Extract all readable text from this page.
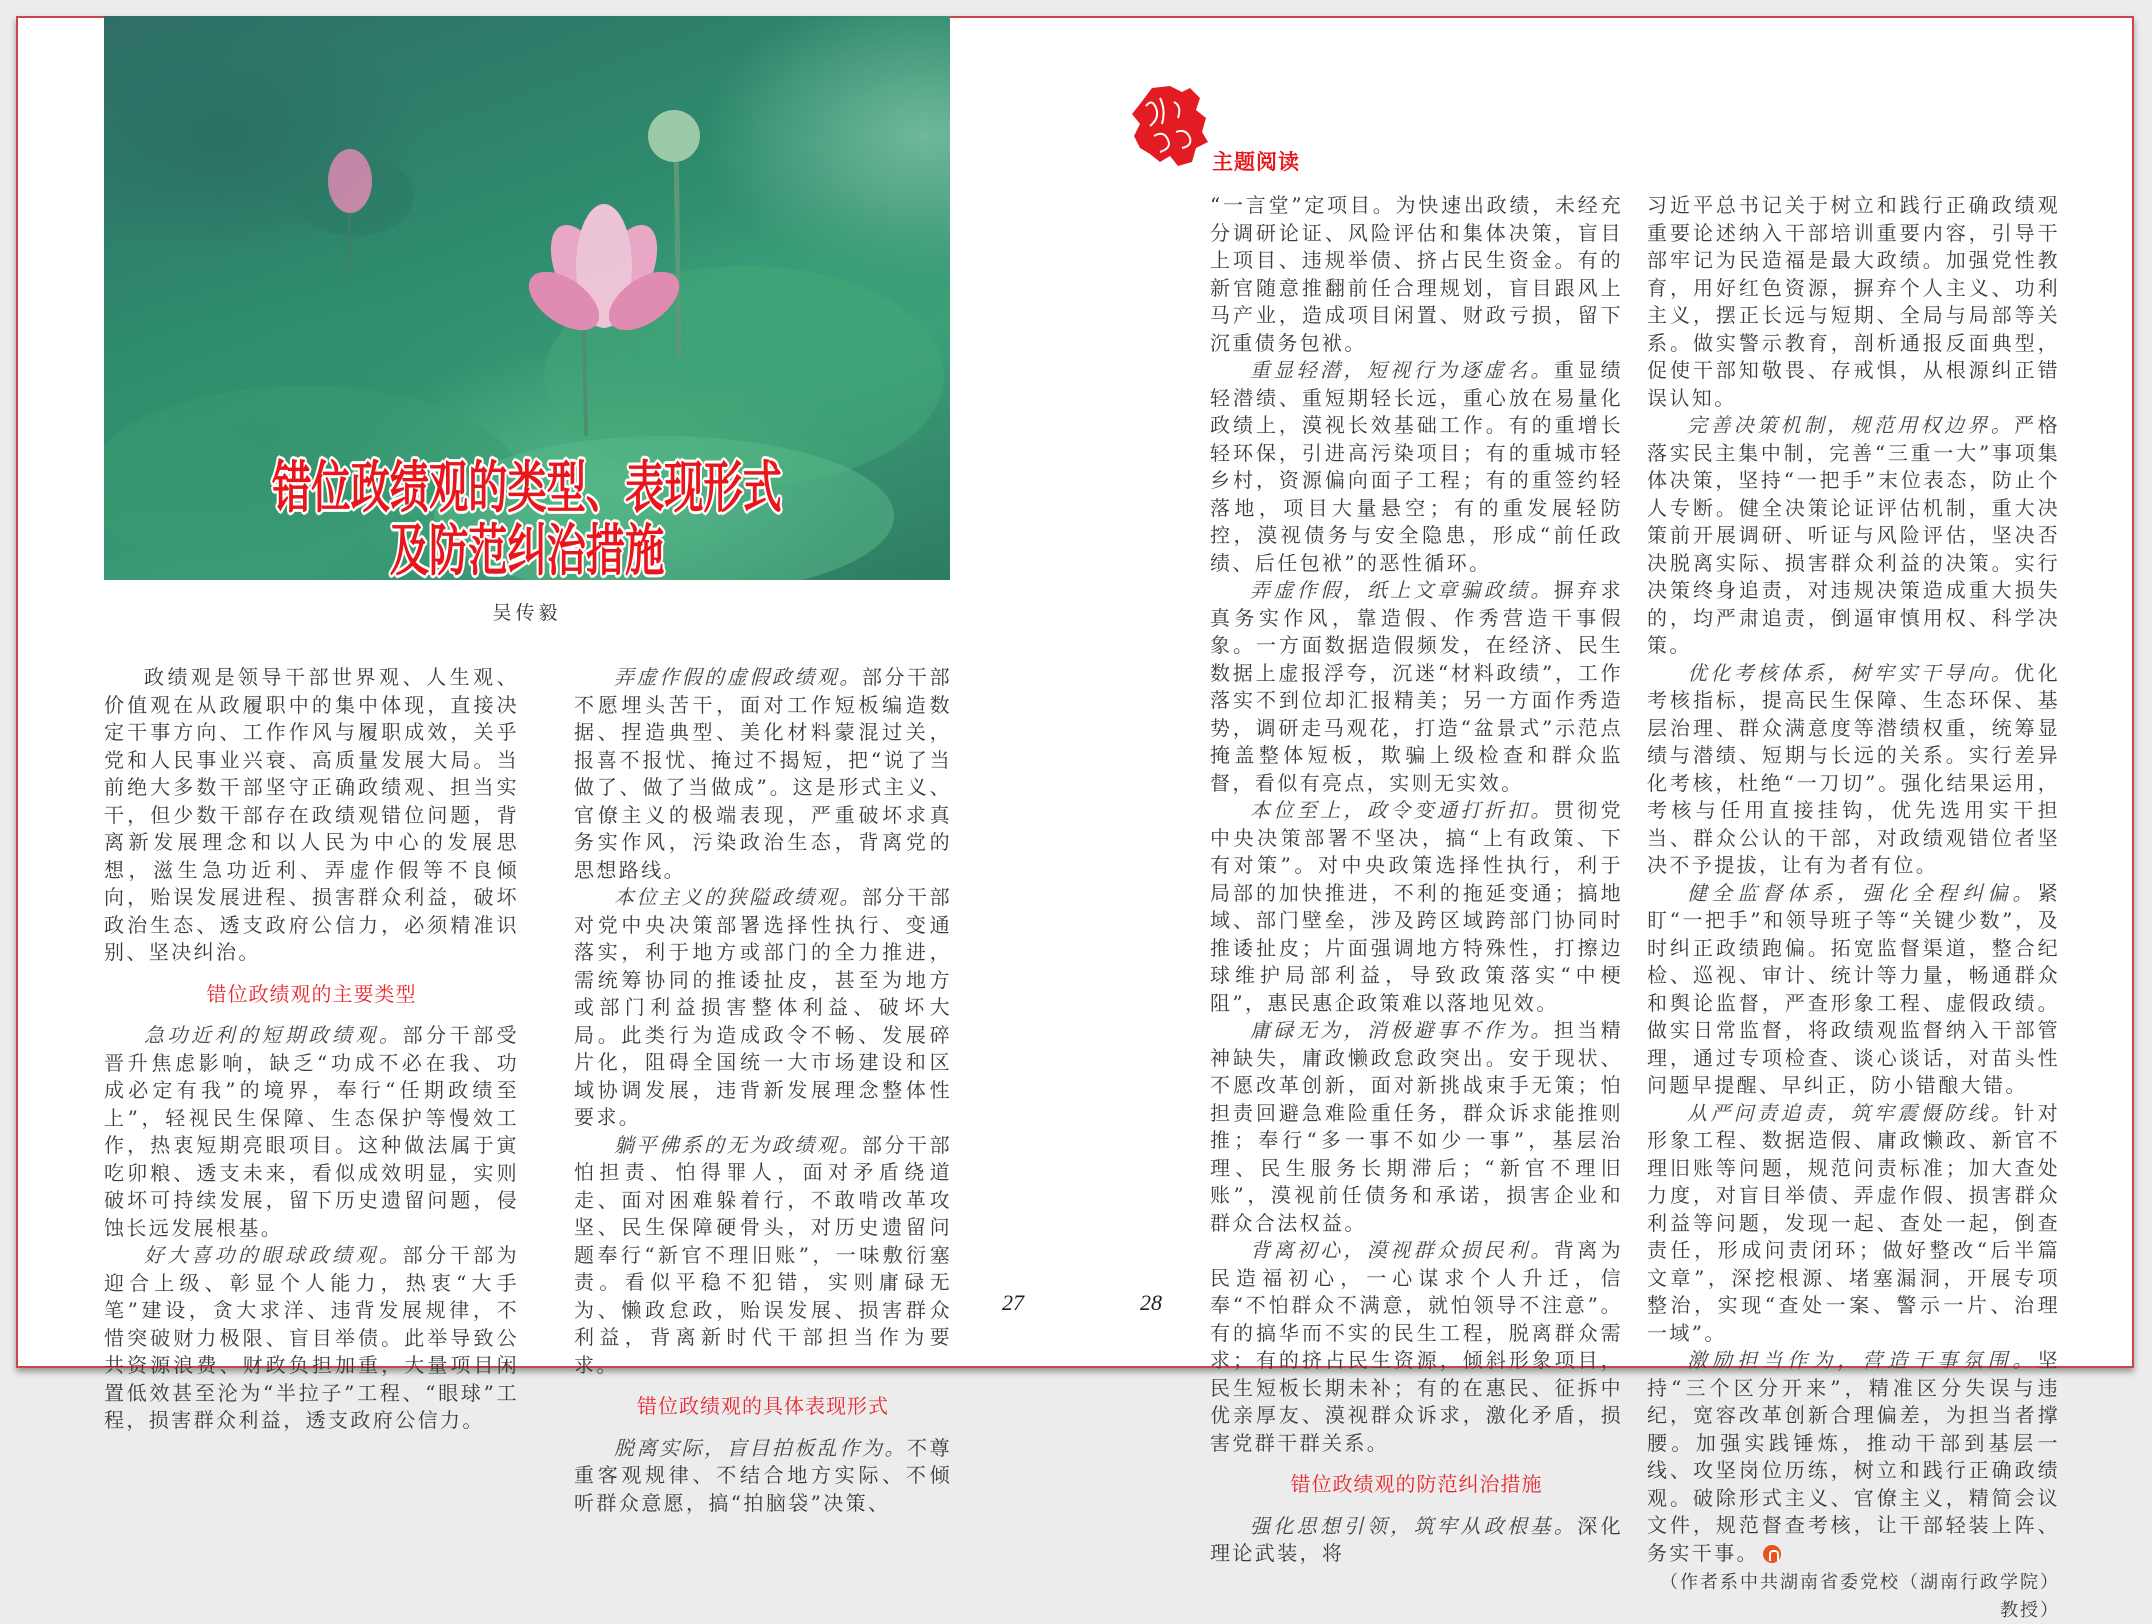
错位政绩观的类型、表现形式
及防范纠治措施
吴传毅
主题阅读

政绩观是领导干部世界观、人生观、价值观在从政履职中的集中体现，直接决定干事方向、工作作风与履职成效，关乎党和人民事业兴衰、高质量发展大局。当前绝大多数干部坚守正确政绩观、担当实干，但少数干部存在政绩观错位问题，背离新发展理念和以人民为中心的发展思想，滋生急功近利、弄虚作假等不良倾向，贻误发展进程、损害群众利益，破坏政治生态、透支政府公信力，必须精准识别、坚决纠治。

错位政绩观的主要类型

急功近利的短期政绩观。部分干部受晋升焦虑影响，缺乏“功成不必在我、功成必定有我”的境界，奉行“任期政绩至上”，轻视民生保障、生态保护等慢效工作，热衷短期亮眼项目。这种做法属于寅吃卯粮、透支未来，看似成效明显，实则破坏可持续发展，留下历史遗留问题，侵蚀长远发展根基。

好大喜功的眼球政绩观。部分干部为迎合上级、彰显个人能力，热衷“大手笔”建设，贪大求洋、违背发展规律，不惜突破财力极限、盲目举债。此举导致公共资源浪费、财政负担加重，大量项目闲置低效甚至沦为“半拉子”工程、“眼球”工程，损害群众利益，透支政府公信力。

弄虚作假的虚假政绩观。部分干部不愿埋头苦干，面对工作短板编造数据、捏造典型、美化材料蒙混过关，报喜不报忧、掩过不揭短，把“说了当做了、做了当做成”。这是形式主义、官僚主义的极端表现，严重破坏求真务实作风，污染政治生态，背离党的思想路线。

本位主义的狭隘政绩观。部分干部对党中央决策部署选择性执行、变通落实，利于地方或部门的全力推进，需统筹协同的推诿扯皮，甚至为地方或部门利益损害整体利益、破坏大局。此类行为造成政令不畅、发展碎片化，阻碍全国统一大市场建设和区域协调发展，违背新发展理念整体性要求。

躺平佛系的无为政绩观。部分干部怕担责、怕得罪人，面对矛盾绕道走、面对困难躲着行，不敢啃改革攻坚、民生保障硬骨头，对历史遗留问题奉行“新官不理旧账”，一味敷衍塞责。看似平稳不犯错，实则庸碌无为、懒政怠政，贻误发展、损害群众利益，背离新时代干部担当作为要求。

错位政绩观的具体表现形式

脱离实际，盲目拍板乱作为。不尊重客观规律、不结合地方实际、不倾听群众意愿，搞“拍脑袋”决策、

“一言堂”定项目。为快速出政绩，未经充分调研论证、风险评估和集体决策，盲目上项目、违规举债、挤占民生资金。有的新官随意推翻前任合理规划，盲目跟风上马产业，造成项目闲置、财政亏损，留下沉重债务包袱。

重显轻潜，短视行为逐虚名。重显绩轻潜绩、重短期轻长远，重心放在易量化政绩上，漠视长效基础工作。有的重增长轻环保，引进高污染项目；有的重城市轻乡村，资源偏向面子工程；有的重签约轻落地，项目大量悬空；有的重发展轻防控，漠视债务与安全隐患，形成“前任政绩、后任包袱”的恶性循环。

弄虚作假，纸上文章骗政绩。摒弃求真务实作风，靠造假、作秀营造干事假象。一方面数据造假频发，在经济、民生数据上虚报浮夸，沉迷“材料政绩”，工作落实不到位却汇报精美；另一方面作秀造势，调研走马观花，打造“盆景式”示范点掩盖整体短板，欺骗上级检查和群众监督，看似有亮点，实则无实效。

本位至上，政令变通打折扣。贯彻党中央决策部署不坚决，搞“上有政策、下有对策”。对中央政策选择性执行，利于局部的加快推进，不利的拖延变通；搞地域、部门壁垒，涉及跨区域跨部门协同时推诿扯皮；片面强调地方特殊性，打擦边球维护局部利益，导致政策落实“中梗阻”，惠民惠企政策难以落地见效。

庸碌无为，消极避事不作为。担当精神缺失，庸政懒政怠政突出。安于现状、不愿改革创新，面对新挑战束手无策；怕担责回避急难险重任务，群众诉求能推则推；奉行“多一事不如少一事”，基层治理、民生服务长期滞后；“新官不理旧账”，漠视前任债务和承诺，损害企业和群众合法权益。

背离初心，漠视群众损民利。背离为民造福初心，一心谋求个人升迁，信奉“不怕群众不满意，就怕领导不注意”。有的搞华而不实的民生工程，脱离群众需求；有的挤占民生资源，倾斜形象项目，民生短板长期未补；有的在惠民、征拆中优亲厚友、漠视群众诉求，激化矛盾，损害党群干群关系。

错位政绩观的防范纠治措施

强化思想引领，筑牢从政根基。深化理论武装，将

习近平总书记关于树立和践行正确政绩观重要论述纳入干部培训重要内容，引导干部牢记为民造福是最大政绩。加强党性教育，用好红色资源，摒弃个人主义、功利主义，摆正长远与短期、全局与局部等关系。做实警示教育，剖析通报反面典型，促使干部知敬畏、存戒惧，从根源纠正错误认知。

完善决策机制，规范用权边界。严格落实民主集中制，完善“三重一大”事项集体决策，坚持“一把手”末位表态，防止个人专断。健全决策论证评估机制，重大决策前开展调研、听证与风险评估，坚决否决脱离实际、损害群众利益的决策。实行决策终身追责，对违规决策造成重大损失的，均严肃追责，倒逼审慎用权、科学决策。

优化考核体系，树牢实干导向。优化考核指标，提高民生保障、生态环保、基层治理、群众满意度等潜绩权重，统筹显绩与潜绩、短期与长远的关系。实行差异化考核，杜绝“一刀切”。强化结果运用，考核与任用直接挂钩，优先选用实干担当、群众公认的干部，对政绩观错位者坚决不予提拔，让有为者有位。

健全监督体系，强化全程纠偏。紧盯“一把手”和领导班子等“关键少数”，及时纠正政绩跑偏。拓宽监督渠道，整合纪检、巡视、审计、统计等力量，畅通群众和舆论监督，严查形象工程、虚假政绩。做实日常监督，将政绩观监督纳入干部管理，通过专项检查、谈心谈话，对苗头性问题早提醒、早纠正，防小错酿大错。

从严问责追责，筑牢震慑防线。针对形象工程、数据造假、庸政懒政、新官不理旧账等问题，规范问责标准；加大查处力度，对盲目举债、弄虚作假、损害群众利益等问题，发现一起、查处一起，倒查责任，形成问责闭环；做好整改“后半篇文章”，深挖根源、堵塞漏洞，开展专项整治，实现“查处一案、警示一片、治理一域”。

激励担当作为，营造干事氛围。坚持“三个区分开来”，精准区分失误与违纪，宽容改革创新合理偏差，为担当者撑腰。加强实践锤炼，推动干部到基层一线、攻坚岗位历练，树立和践行正确政绩观。破除形式主义、官僚主义，精简会议文件，规范督查考核，让干部轻装上阵、务实干事。

（作者系中共湖南省委党校（湖南行政学院）教授）

27	28
